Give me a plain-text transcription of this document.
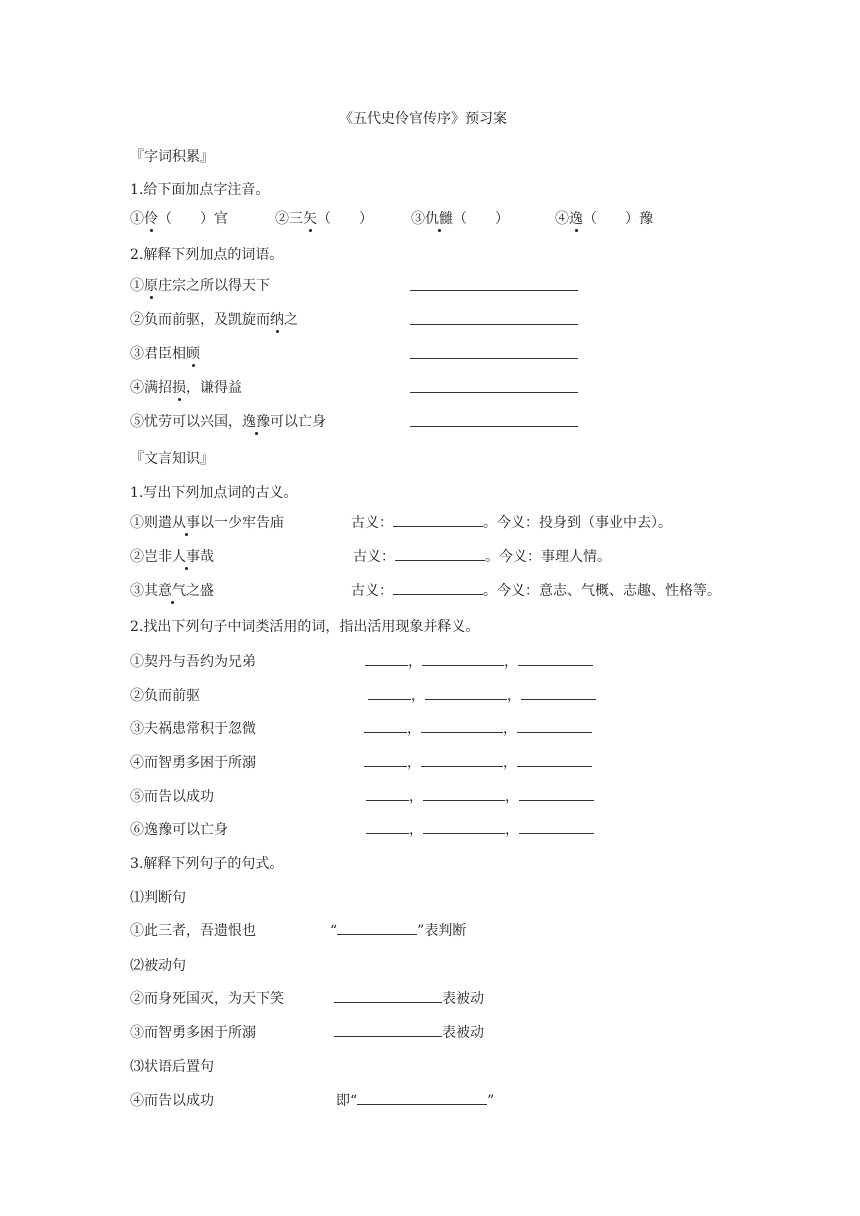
《五代史伶官传序》预习案
『字词积累』
1.给下面加点字注音。
①伶（　　）官	②三矢（　　）	③仇雠（　　）	④逸（　　）豫
2.解释下列加点的词语。
①原庄宗之所以得天下
②负而前驱，及凯旋而纳之
③君臣相顾
④满招损，谦得益
⑤忧劳可以兴国，逸豫可以亡身
『文言知识』
1.写出下列加点词的古义。
①则遣从事以一少牢告庙	古义：	。今义：投身到（事业中去）。
②岂非人事哉	古义：	。今义：事理人情。
③其意气之盛	古义：	。今义：意志、气概、志趣、性格等。
2.找出下列句子中词类活用的词，指出活用现象并释义。
①契丹与吾约为兄弟	，	，
②负而前驱	，	，
③夫祸患常积于忽微	，	，
④而智勇多困于所溺	，	，
⑤而告以成功	，	，
⑥逸豫可以亡身	，	，
3.解释下列句子的句式。
⑴判断句
①此三者，吾遗恨也	“	”表判断
⑵被动句
②而身死国灭，为天下笑	表被动
③而智勇多困于所溺	表被动
⑶状语后置句
④而告以成功	即“	”
